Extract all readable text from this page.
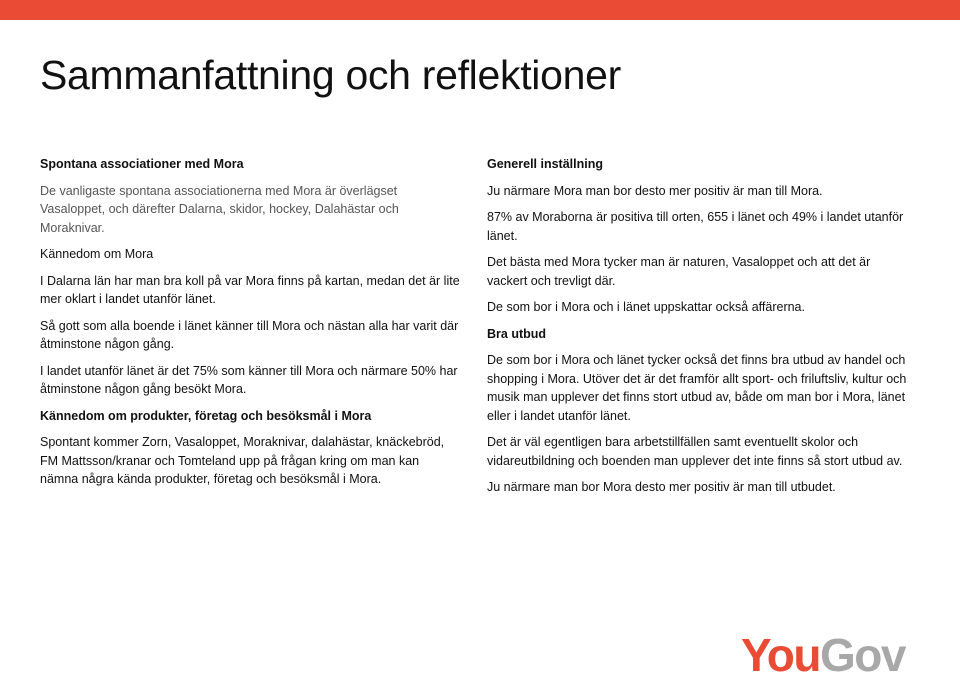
Sammanfattning och reflektioner

Spontana associationer med Mora

De vanligaste spontana associationerna med Mora är överlägset Vasaloppet, och därefter Dalarna, skidor, hockey, Dalahästar och Moraknivar.

Kännedom om Mora

I Dalarna län har man bra koll på var Mora finns på kartan, medan det är lite mer oklart i landet utanför länet.

Så gott som alla boende i länet känner till Mora och nästan alla har varit där åtminstone någon gång.

I landet utanför länet är det 75% som känner till Mora och närmare 50% har åtminstone någon gång besökt Mora.

Kännedom om produkter, företag och besöksmål i Mora

Spontant kommer Zorn, Vasaloppet, Moraknivar, dalahästar, knäckebröd, FM Mattsson/kranar och Tomteland upp på frågan kring om man kan nämna några kända produkter, företag och besöksmål i Mora.

Generell inställning

Ju närmare Mora man bor desto mer positiv är man till Mora.

87% av Moraborna är positiva till orten, 655 i länet och 49% i landet utanför länet.

Det bästa med Mora tycker man är naturen, Vasaloppet och att det är vackert och trevligt där.

De som bor i Mora och i länet uppskattar också affärerna.

Bra utbud

De som bor i Mora och länet tycker också det finns bra utbud av handel och shopping i Mora. Utöver det är det framför allt sport- och friluftsliv, kultur och musik man upplever det finns stort utbud av, både om man bor i Mora, länet eller i landet utanför länet.

Det är väl egentligen bara arbetstillfällen samt eventuellt skolor och vidareutbildning och boenden man upplever det inte finns så stort utbud av.

Ju närmare man bor Mora desto mer positiv är man till utbudet.

YouGov
